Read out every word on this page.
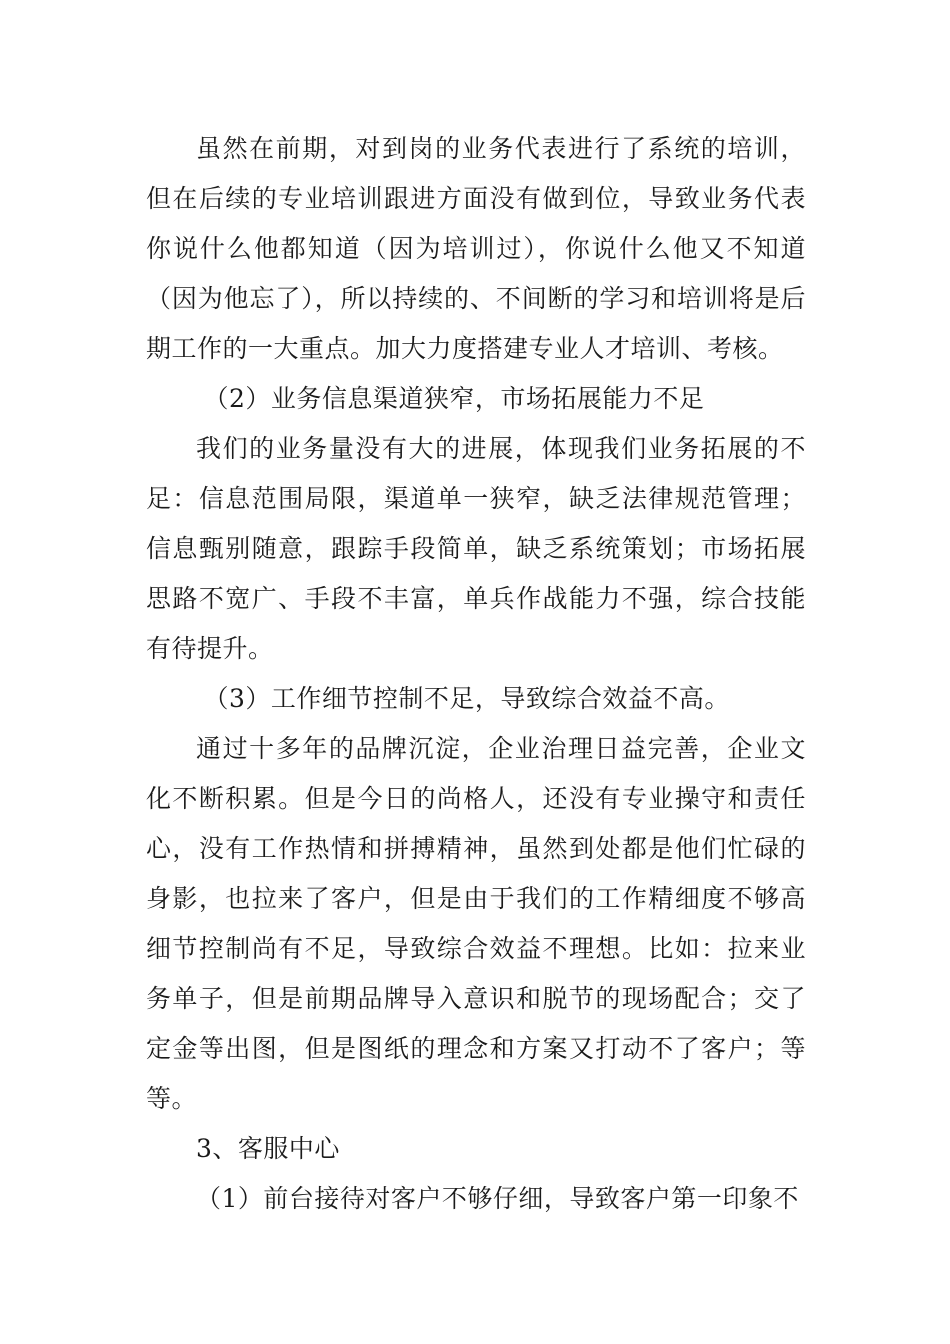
虽然在前期，对到岗的业务代表进行了系统的培训，但在后续的专业培训跟进方面没有做到位，导致业务代表你说什么他都知道（因为培训过），你说什么他又不知道（因为他忘了），所以持续的、不间断的学习和培训将是后期工作的一大重点。加大力度搭建专业人才培训、考核。

（2）业务信息渠道狭窄，市场拓展能力不足

我们的业务量没有大的进展，体现我们业务拓展的不足：信息范围局限，渠道单一狭窄，缺乏法律规范管理；信息甄别随意，跟踪手段简单，缺乏系统策划；市场拓展思路不宽广、手段不丰富，单兵作战能力不强，综合技能有待提升。

（3）工作细节控制不足，导致综合效益不高。

通过十多年的品牌沉淀，企业治理日益完善，企业文化不断积累。但是今日的尚格人，还没有专业操守和责任心，没有工作热情和拼搏精神，虽然到处都是他们忙碌的身影，也拉来了客户，但是由于我们的工作精细度不够高细节控制尚有不足，导致综合效益不理想。比如：拉来业务单子，但是前期品牌导入意识和脱节的现场配合；交了定金等出图，但是图纸的理念和方案又打动不了客户；等等。

3、客服中心

（1）前台接待对客户不够仔细，导致客户第一印象不
